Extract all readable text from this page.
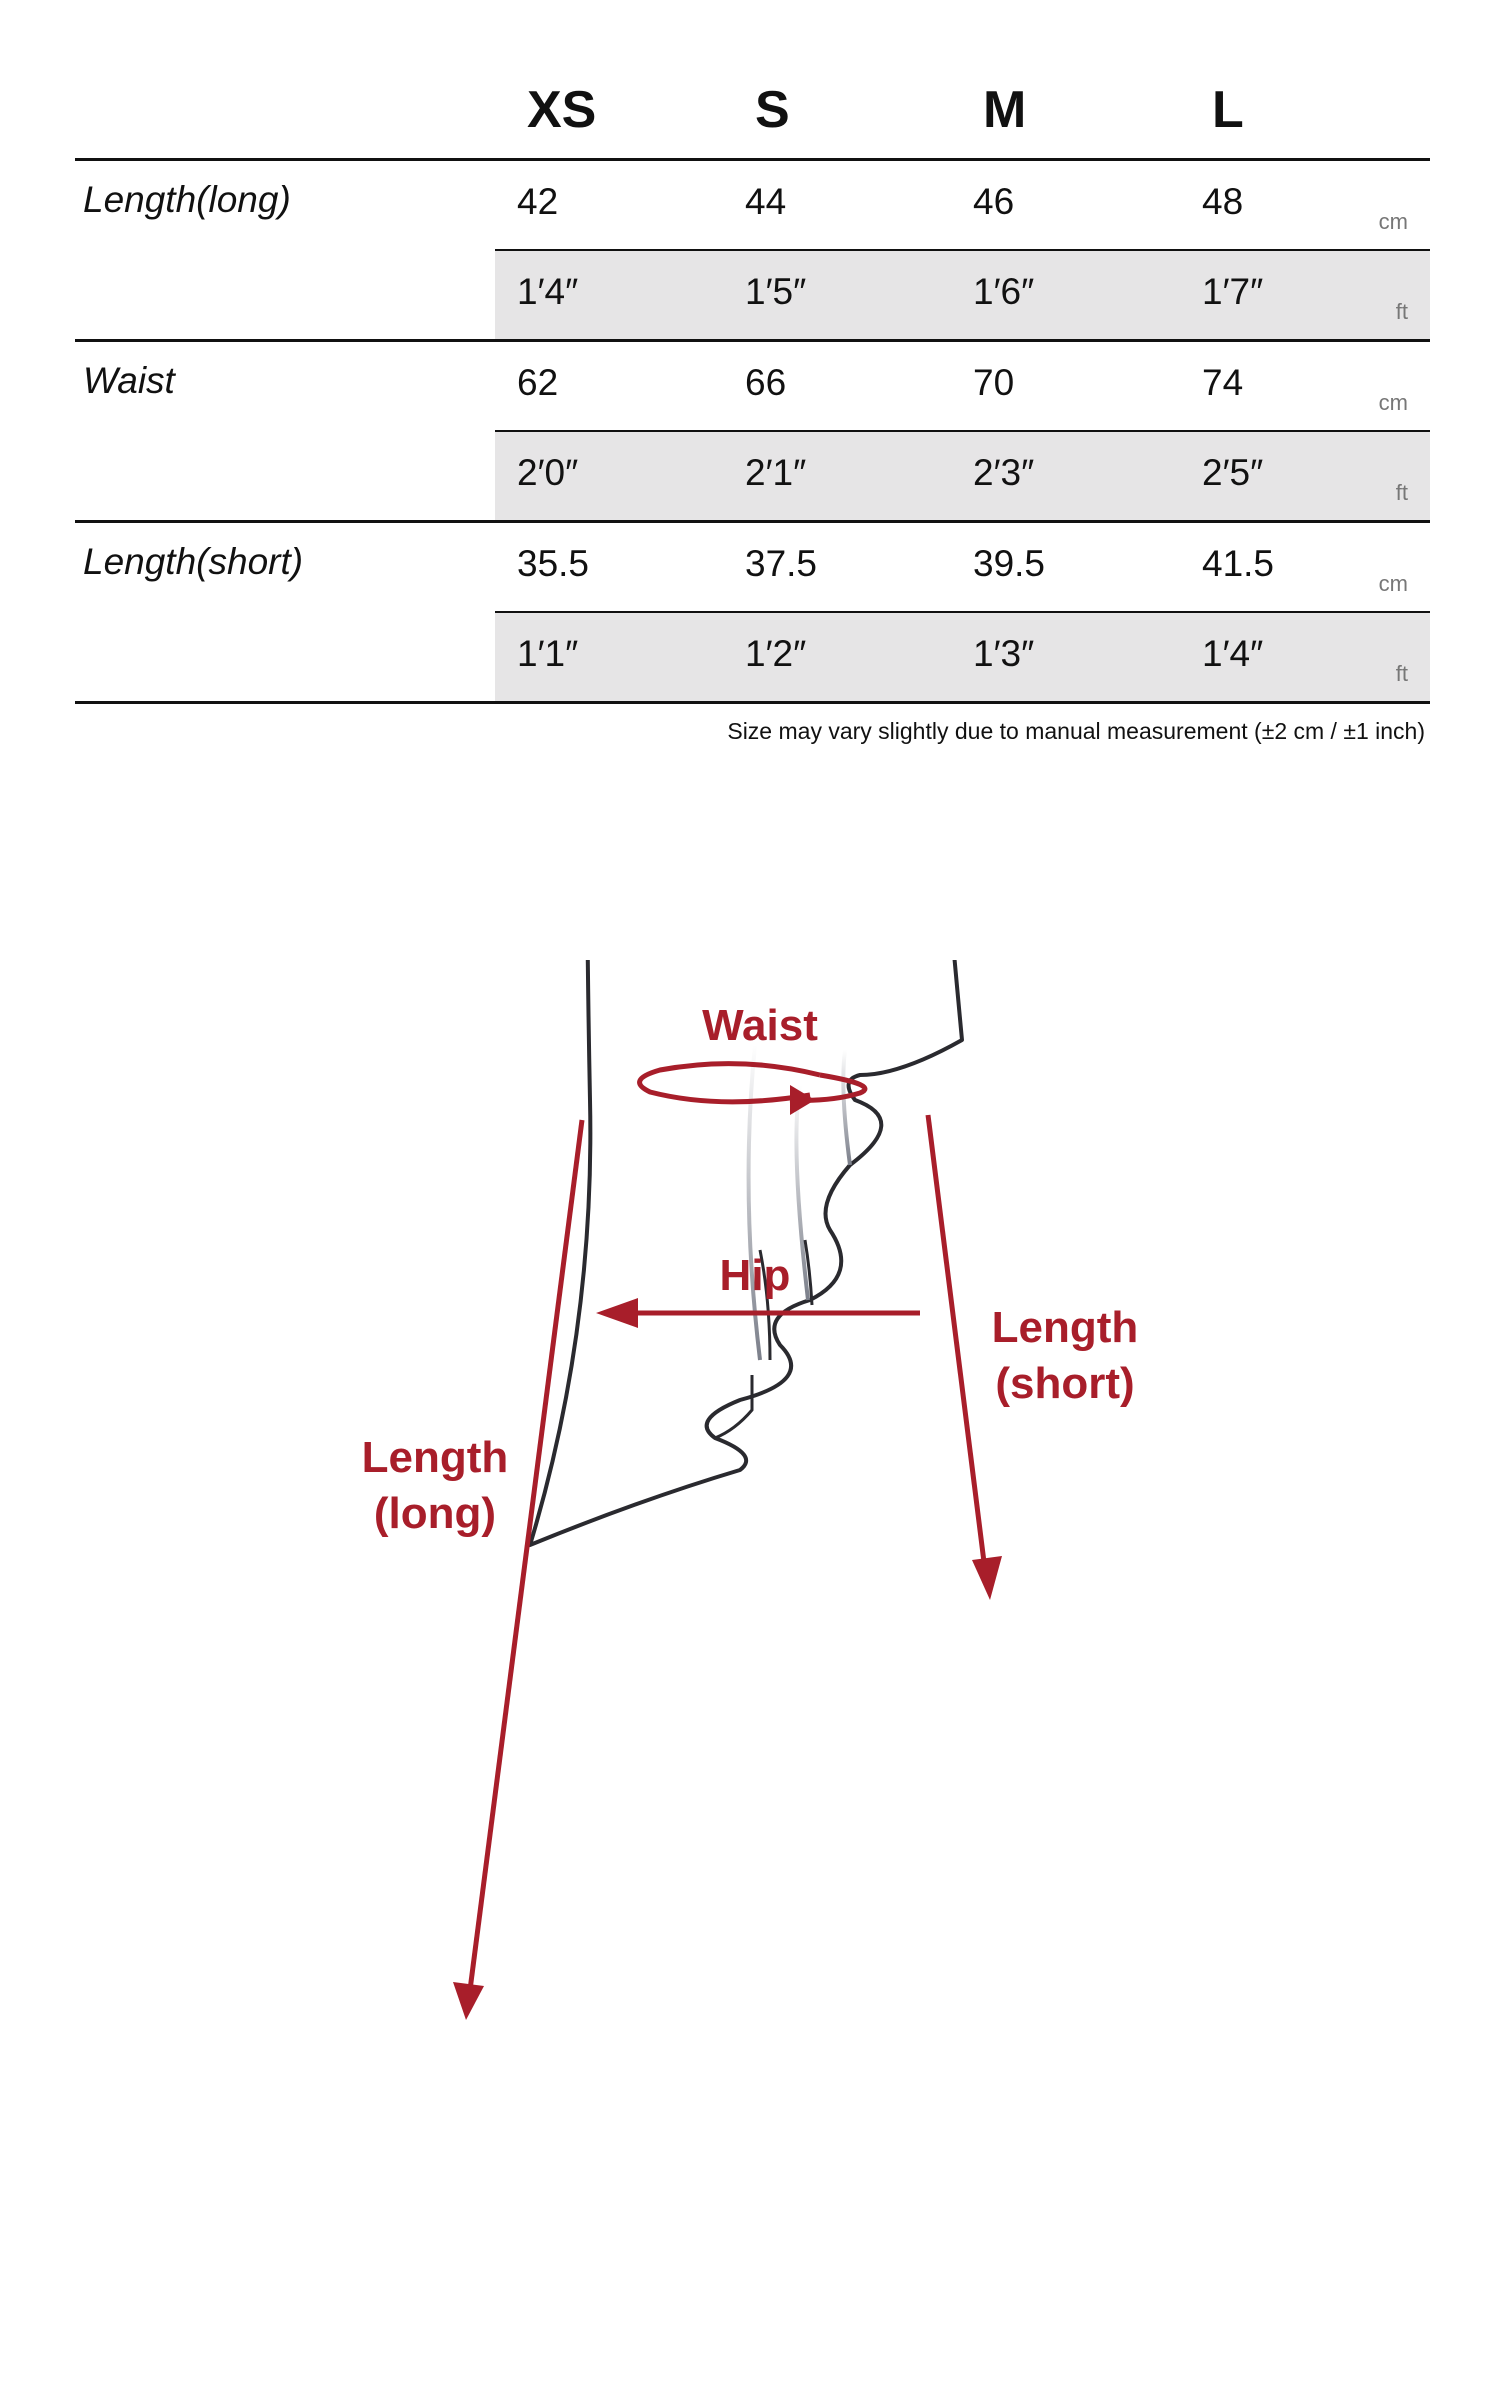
XS	S	M	L
Length(long)	42	44	46	48	cm
1′4″	1′5″	1′6″	1′7″	ft
Waist	62	66	70	74	cm
2′0″	2′1″	2′3″	2′5″	ft
Length(short)	35.5	37.5	39.5	41.5	cm
1′1″	1′2″	1′3″	1′4″	ft
Size may vary slightly due to manual measurement (±2 cm / ±1 inch)
Waist
Hip
Length
(short)
Length
(long)
